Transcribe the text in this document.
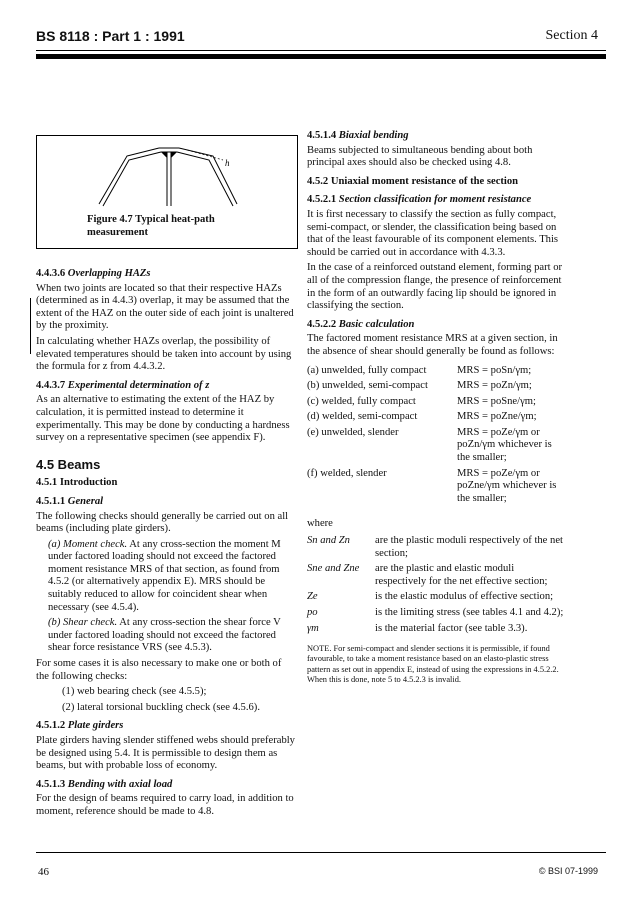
BS 8118 : Part 1 : 1991	Section 4
h
Figure 4.7 Typical heat-path measurement
4.4.3.6 Overlapping HAZs

When two joints are located so that their respective HAZs (determined as in 4.4.3) overlap, it may be assumed that the extent of the HAZ on the outer side of each joint is unaltered by the proximity.

In calculating whether HAZs overlap, the possibility of elevated temperatures should be taken into account by using the formula for z from 4.4.3.2.

4.4.3.7 Experimental determination of z

As an alternative to estimating the extent of the HAZ by calculation, it is permitted instead to determine it experimentally. This may be done by conducting a hardness survey on a representative specimen (see appendix F).

4.5 Beams
4.5.1 Introduction
4.5.1.1 General

The following checks should generally be carried out on all beams (including plate girders).

(a) Moment check. At any cross-section the moment M under factored loading should not exceed the factored moment resistance MRS of that section, as found from 4.5.2 (or alternatively appendix E). MRS should be suitably reduced to allow for coincident shear when necessary (see 4.5.4).

(b) Shear check. At any cross-section the shear force V under factored loading should not exceed the factored shear force resistance VRS (see 4.5.3).

For some cases it is also necessary to make one or both of the following checks:

(1) web bearing check (see 4.5.5);

(2) lateral torsional buckling check (see 4.5.6).

4.5.1.2 Plate girders

Plate girders having slender stiffened webs should preferably be designed using 5.4. It is permissible to design them as beams, but with probable loss of economy.

4.5.1.3 Bending with axial load

For the design of beams required to carry load, in addition to moment, reference should be made to 4.8.

4.5.1.4 Biaxial bending

Beams subjected to simultaneous bending about both principal axes should also be checked using 4.8.

4.5.2 Uniaxial moment resistance of the section
4.5.2.1 Section classification for moment resistance

It is first necessary to classify the section as fully compact, semi-compact, or slender, the classification being based on that of the least favourable of its component elements. This should be carried out in accordance with 4.3.3.

In the case of a reinforced outstand element, forming part or all of the compression flange, the presence of reinforcement in the form of an outwardly facing lip should be ignored in classifying the section.

4.5.2.2 Basic calculation

The factored moment resistance MRS at a given section, in the absence of shear should generally be found as follows:

(a) unwelded, fully compact	MRS = poSn/γm;
(b) unwelded, semi-compact	MRS = poZn/γm;
(c) welded, fully compact	MRS = poSne/γm;
(d) welded, semi-compact	MRS = poZne/γm;
(e) unwelded, slender	MRS = poZe/γm or poZn/γm whichever is the smaller;
(f) welded, slender	MRS = poZe/γm or poZne/γm whichever is the smaller;

where

Sn and Zn	are the plastic moduli respectively of the net section;
Sne and Zne	are the plastic and elastic moduli respectively for the net effective section;
Ze	is the elastic modulus of effective section;
po	is the limiting stress (see tables 4.1 and 4.2);
γm	is the material factor (see table 3.3).

NOTE. For semi-compact and slender sections it is permissible, if found favourable, to take a moment resistance based on an elasto-plastic stress pattern as set out in appendix E, instead of using the expressions in 4.5.2.2. When this is done, note 5 to 4.5.2.3 is invalid.

46	© BSI 07-1999
